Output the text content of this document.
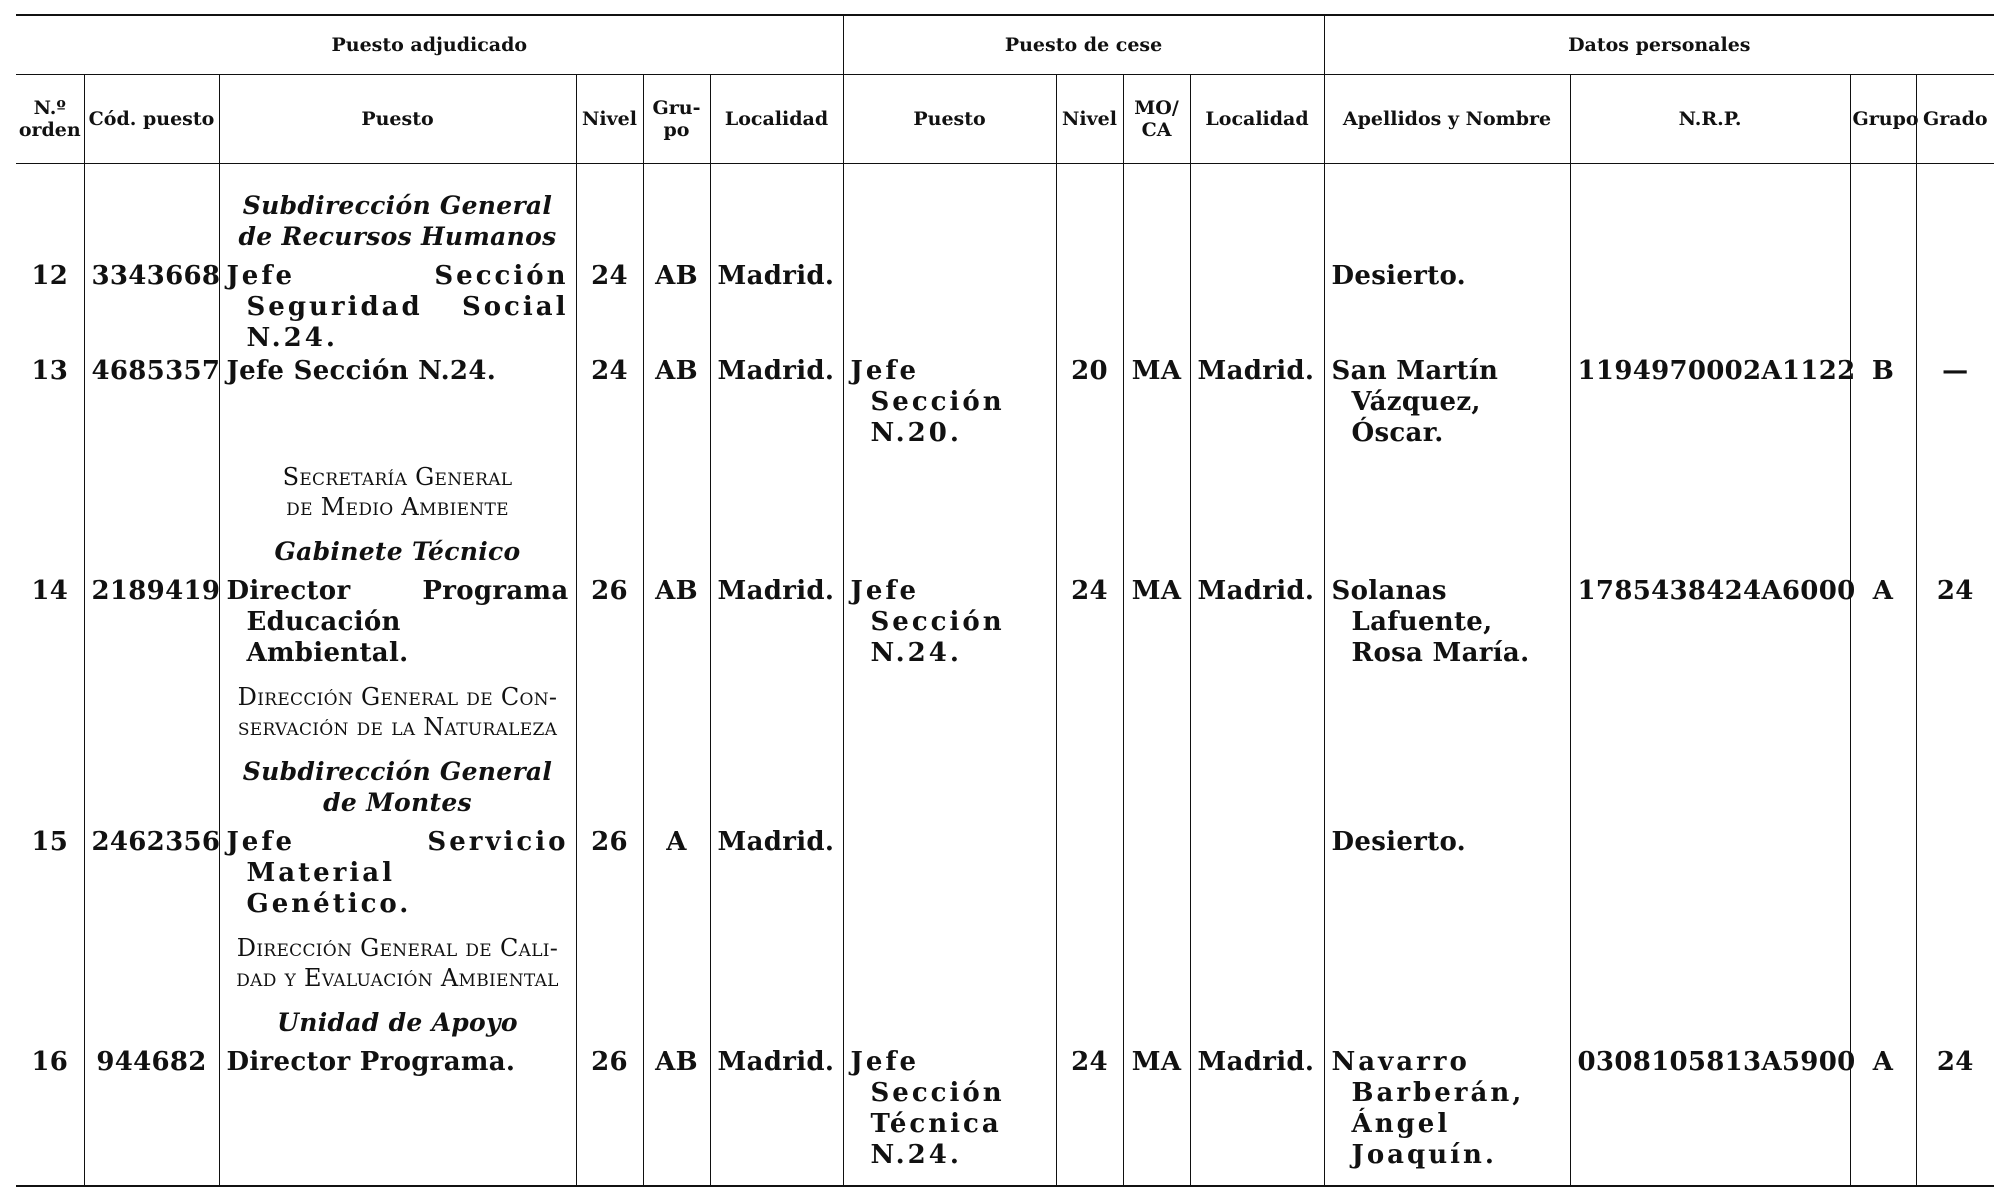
Puesto adjudicado						Puesto de cese				Datos personales			
N.º orden	Cód. puesto	Puesto	Nivel	Gru- po	Localidad	Puesto	Nivel	MO/ CA	Localidad	Apellidos y Nombre	N.R.P.	Grupo	Grado

		Subdirección General
de Recursos Humanos											

12	3343668	Jefe Sección Seguridad Social N.24.	24	AB	Madrid.					Desierto.			
13	4685357	Jefe Sección N.24.	24	AB	Madrid.	Jefe Sección N.20.	20	MA	Madrid.	San Martín Vázquez, Óscar.	1194970002A1122	B	—

		Secretaría General
de Medio Ambiente											

		Gabinete Técnico											

14	2189419	Director Programa Educación Ambiental.	26	AB	Madrid.	Jefe Sección N.24.	24	MA	Madrid.	Solanas Lafuente, Rosa María.	1785438424A6000	A	24

		Dirección General de Con-
servación de la Naturaleza											

		Subdirección General
de Montes											

15	2462356	Jefe Servicio Material Genético.	26	A	Madrid.					Desierto.			

		Dirección General de Cali-
dad y Evaluación Ambiental											

		Unidad de Apoyo											

16	944682	Director Programa.	26	AB	Madrid.	Jefe Sección Técnica N.24.	24	MA	Madrid.	Navarro Barberán, Ángel Joaquín.	0308105813A5900	A	24
